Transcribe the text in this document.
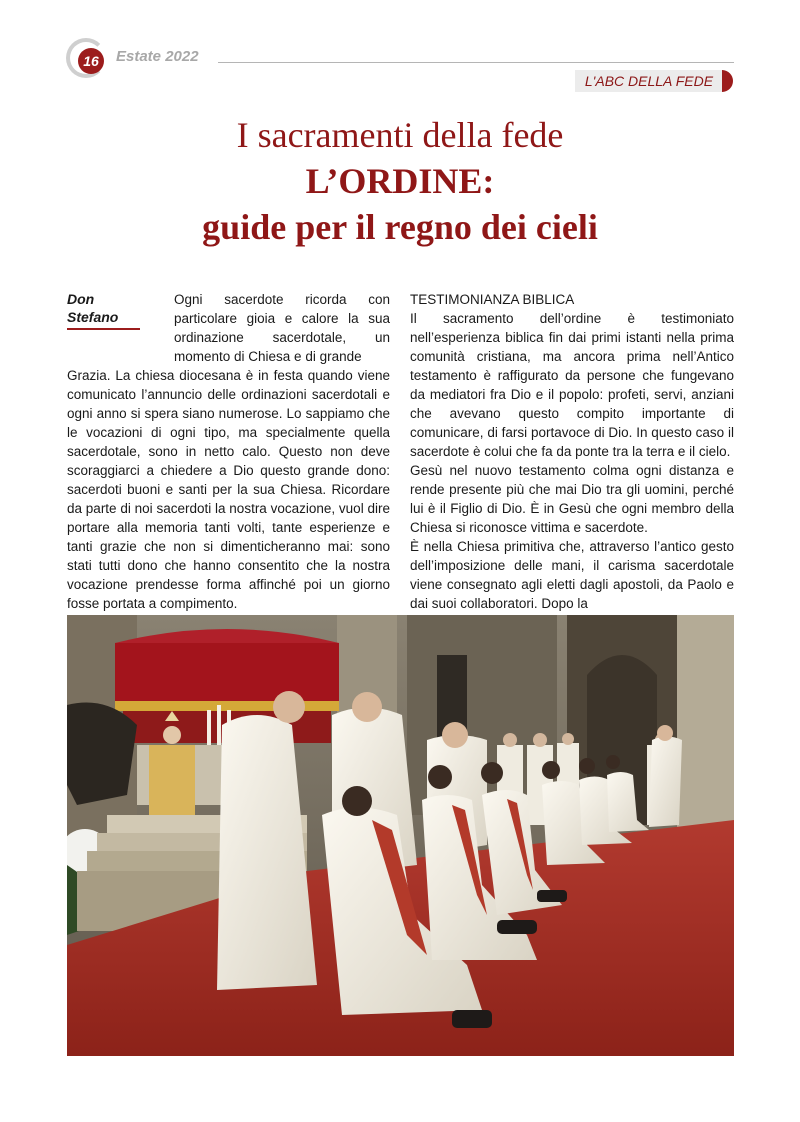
16	Estate 2022
L'ABC DELLA FEDE
I sacramenti della fede
L’ORDINE:
guide per il regno dei cieli
Don
Stefano

Ogni sacerdote ricorda con particolare gioia e calore la sua ordinazione sacerdotale, un momento di Chiesa e di grande

Grazia. La chiesa diocesana è in festa quando viene comunicato l’annuncio delle ordinazioni sacerdotali e ogni anno si spera siano numerose. Lo sappiamo che le vocazioni di ogni tipo, ma specialmente quella sacerdotale, sono in netto calo. Questo non deve scoraggiarci a chiedere a Dio questo grande dono: sacerdoti buoni e santi per la sua Chiesa. Ricordare da parte di noi sacerdoti la nostra vocazione, vuol dire portare alla memoria tanti volti, tante esperienze e tanti grazie che non si dimenticheranno mai: sono stati tutti dono che hanno consentito che la nostra vocazione prendesse forma affinché poi un giorno fosse portata a compimento.

TESTIMONIANZA BIBLICA

Il sacramento dell’ordine è testimoniato nell’esperienza biblica fin dai primi istanti nella prima comunità cristiana, ma ancora prima nell’Antico testamento è raffigurato da persone che fungevano da mediatori fra Dio e il popolo: profeti, servi, anziani che avevano questo compito importante di comunicare, di farsi portavoce di Dio. In questo caso il sacerdote è colui che fa da ponte tra la terra e il cielo.

Gesù nel nuovo testamento colma ogni distanza e rende presente più che mai Dio tra gli uomini, perché lui è il Figlio di Dio. È in Gesù che ogni membro della Chiesa si riconosce vittima e sacerdote.

È nella Chiesa primitiva che, attraverso l’antico gesto dell’imposizione delle mani, il carisma sacerdotale viene consegnato agli eletti dagli apostoli, da Paolo e dai suoi collaboratori. Dopo la
